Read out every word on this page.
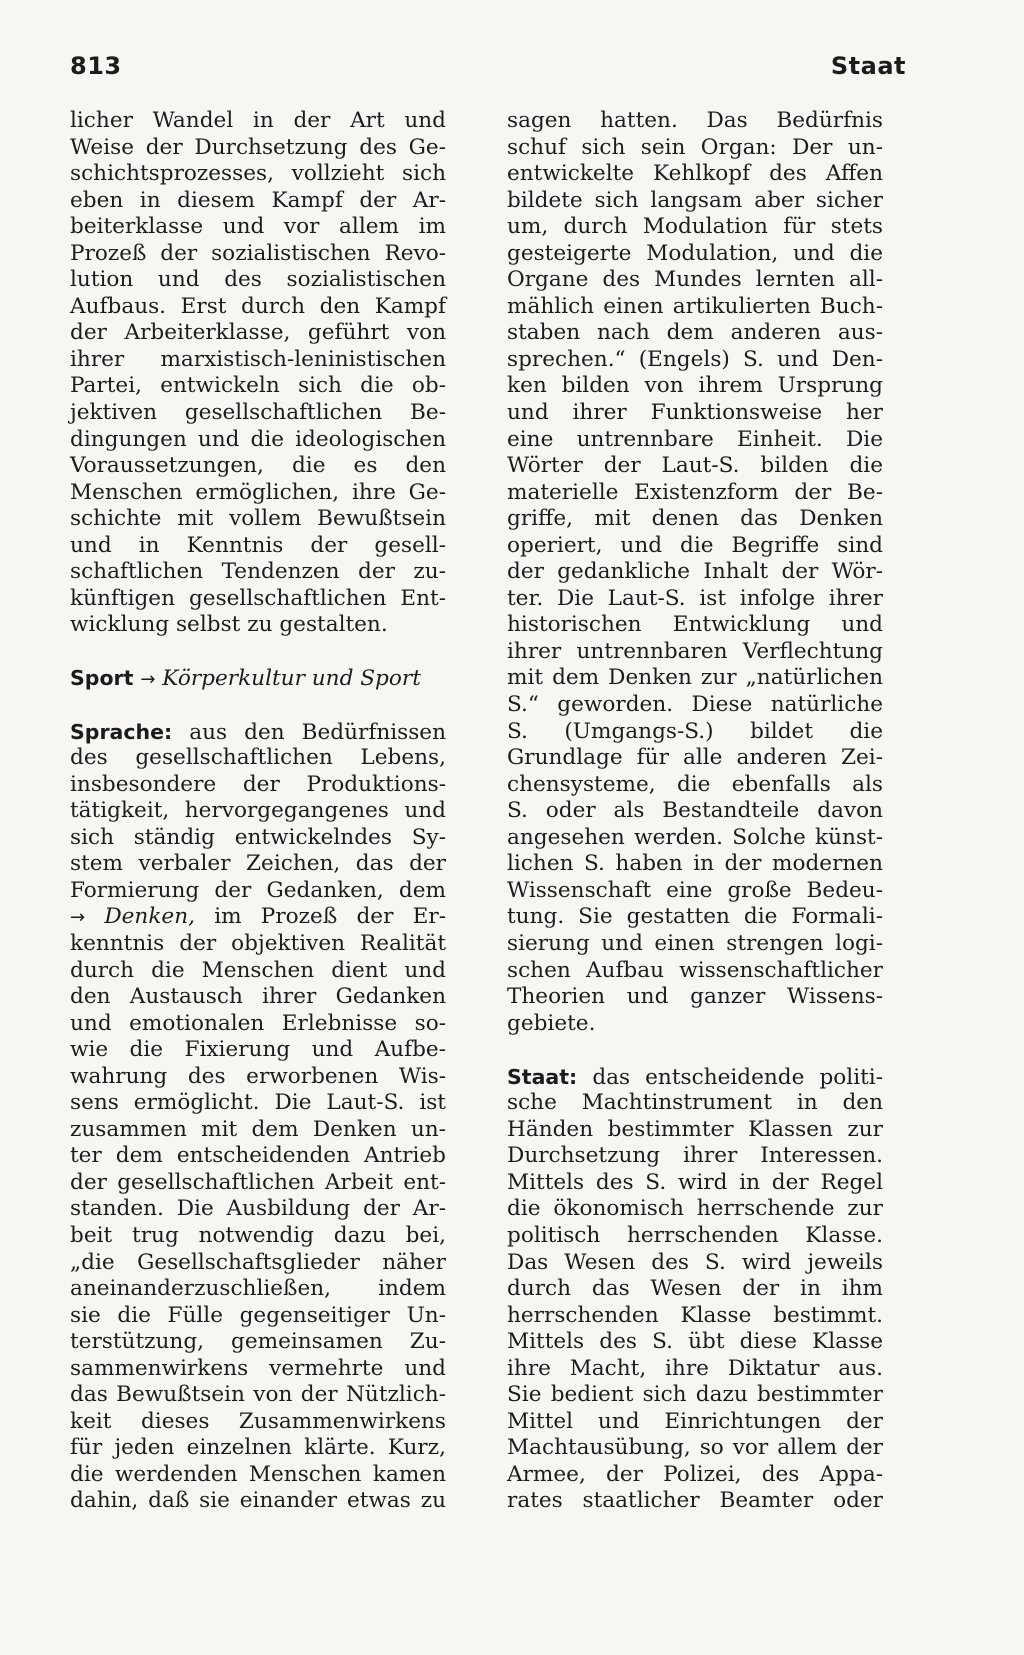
813	Staat
licher Wandel in der Art und
Weise der Durchsetzung des Ge-
schichtsprozesses, vollzieht sich
eben in diesem Kampf der Ar-
beiterklasse und vor allem im
Prozeß der sozialistischen Revo-
lution und des sozialistischen
Aufbaus. Erst durch den Kampf
der Arbeiterklasse, geführt von
ihrer marxistisch-leninistischen
Partei, entwickeln sich die ob-
jektiven gesellschaftlichen Be-
dingungen und die ideologischen
Voraussetzungen, die es den
Menschen ermöglichen, ihre Ge-
schichte mit vollem Bewußtsein
und in Kenntnis der gesell-
schaftlichen Tendenzen der zu-
künftigen gesellschaftlichen Ent-
wicklung selbst zu gestalten.
Sport → Körperkultur und Sport
Sprache: aus den Bedürfnissen
des gesellschaftlichen Lebens,
insbesondere der Produktions-
tätigkeit, hervorgegangenes und
sich ständig entwickelndes Sy-
stem verbaler Zeichen, das der
Formierung der Gedanken, dem
→ Denken, im Prozeß der Er-
kenntnis der objektiven Realität
durch die Menschen dient und
den Austausch ihrer Gedanken
und emotionalen Erlebnisse so-
wie die Fixierung und Aufbe-
wahrung des erworbenen Wis-
sens ermöglicht. Die Laut-S. ist
zusammen mit dem Denken un-
ter dem entscheidenden Antrieb
der gesellschaftlichen Arbeit ent-
standen. Die Ausbildung der Ar-
beit trug notwendig dazu bei,
„die Gesellschaftsglieder näher
aneinanderzuschließen, indem
sie die Fülle gegenseitiger Un-
terstützung, gemeinsamen Zu-
sammenwirkens vermehrte und
das Bewußtsein von der Nützlich-
keit dieses Zusammenwirkens
für jeden einzelnen klärte. Kurz,
die werdenden Menschen kamen
dahin, daß sie einander etwas zu
sagen hatten. Das Bedürfnis
schuf sich sein Organ: Der un-
entwickelte Kehlkopf des Affen
bildete sich langsam aber sicher
um, durch Modulation für stets
gesteigerte Modulation, und die
Organe des Mundes lernten all-
mählich einen artikulierten Buch-
staben nach dem anderen aus-
sprechen.“ (Engels) S. und Den-
ken bilden von ihrem Ursprung
und ihrer Funktionsweise her
eine untrennbare Einheit. Die
Wörter der Laut-S. bilden die
materielle Existenzform der Be-
griffe, mit denen das Denken
operiert, und die Begriffe sind
der gedankliche Inhalt der Wör-
ter. Die Laut-S. ist infolge ihrer
historischen Entwicklung und
ihrer untrennbaren Verflechtung
mit dem Denken zur „natürlichen
S.“ geworden. Diese natürliche
S. (Umgangs-S.) bildet die
Grundlage für alle anderen Zei-
chensysteme, die ebenfalls als
S. oder als Bestandteile davon
angesehen werden. Solche künst-
lichen S. haben in der modernen
Wissenschaft eine große Bedeu-
tung. Sie gestatten die Formali-
sierung und einen strengen logi-
schen Aufbau wissenschaftlicher
Theorien und ganzer Wissens-
gebiete.
Staat: das entscheidende politi-
sche Machtinstrument in den
Händen bestimmter Klassen zur
Durchsetzung ihrer Interessen.
Mittels des S. wird in der Regel
die ökonomisch herrschende zur
politisch herrschenden Klasse.
Das Wesen des S. wird jeweils
durch das Wesen der in ihm
herrschenden Klasse bestimmt.
Mittels des S. übt diese Klasse
ihre Macht, ihre Diktatur aus.
Sie bedient sich dazu bestimmter
Mittel und Einrichtungen der
Machtausübung, so vor allem der
Armee, der Polizei, des Appa-
rates staatlicher Beamter oder
